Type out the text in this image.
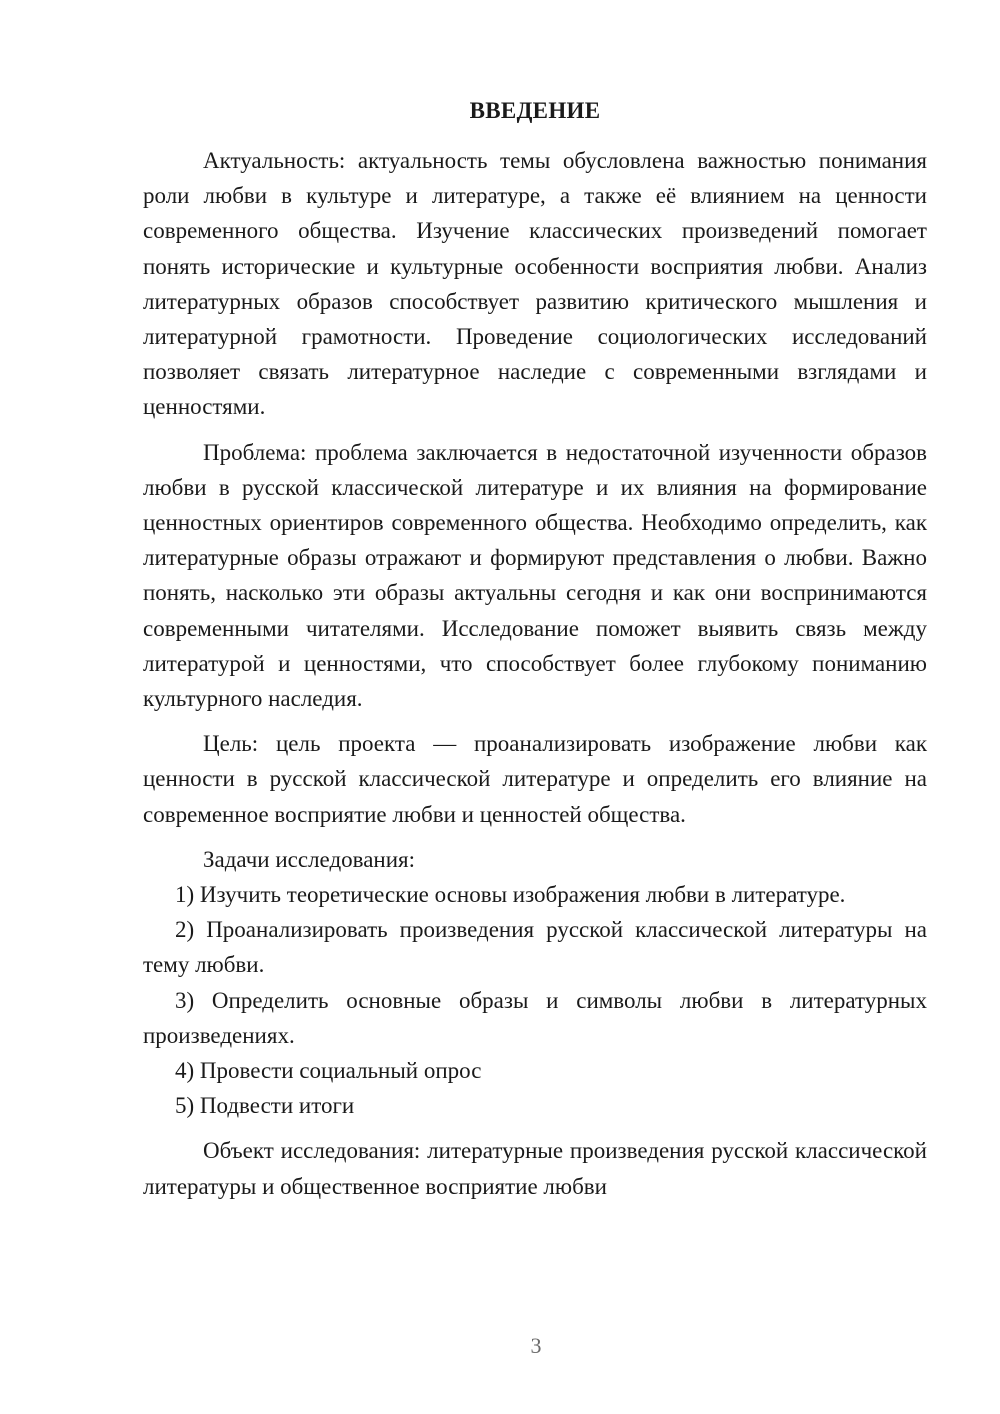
ВВЕДЕНИЕ

Актуальность: актуальность темы обусловлена важностью понимания роли любви в культуре и литературе, а также её влиянием на ценности современного общества. Изучение классических произведений помогает понять исторические и культурные особенности восприятия любви. Анализ литературных образов способствует развитию критического мышления и литературной грамотности. Проведение социологических исследований позволяет связать литературное наследие с современными взглядами и ценностями.

Проблема: проблема заключается в недостаточной изученности образов любви в русской классической литературе и их влияния на формирование ценностных ориентиров современного общества. Необходимо определить, как литературные образы отражают и формируют представления о любви. Важно понять, насколько эти образы актуальны сегодня и как они воспринимаются современными читателями. Исследование поможет выявить связь между литературой и ценностями, что способствует более глубокому пониманию культурного наследия.

Цель: цель проекта — проанализировать изображение любви как ценности в русской классической литературе и определить его влияние на современное восприятие любви и ценностей общества.

Задачи исследования:

1) Изучить теоретические основы изображения любви в литературе.

2) Проанализировать произведения русской классической литературы на тему любви.

3) Определить основные образы и символы любви в литературных произведениях.

4) Провести социальный опрос

5) Подвести итоги

Объект исследования: литературные произведения русской классической литературы и общественное восприятие любви

3
